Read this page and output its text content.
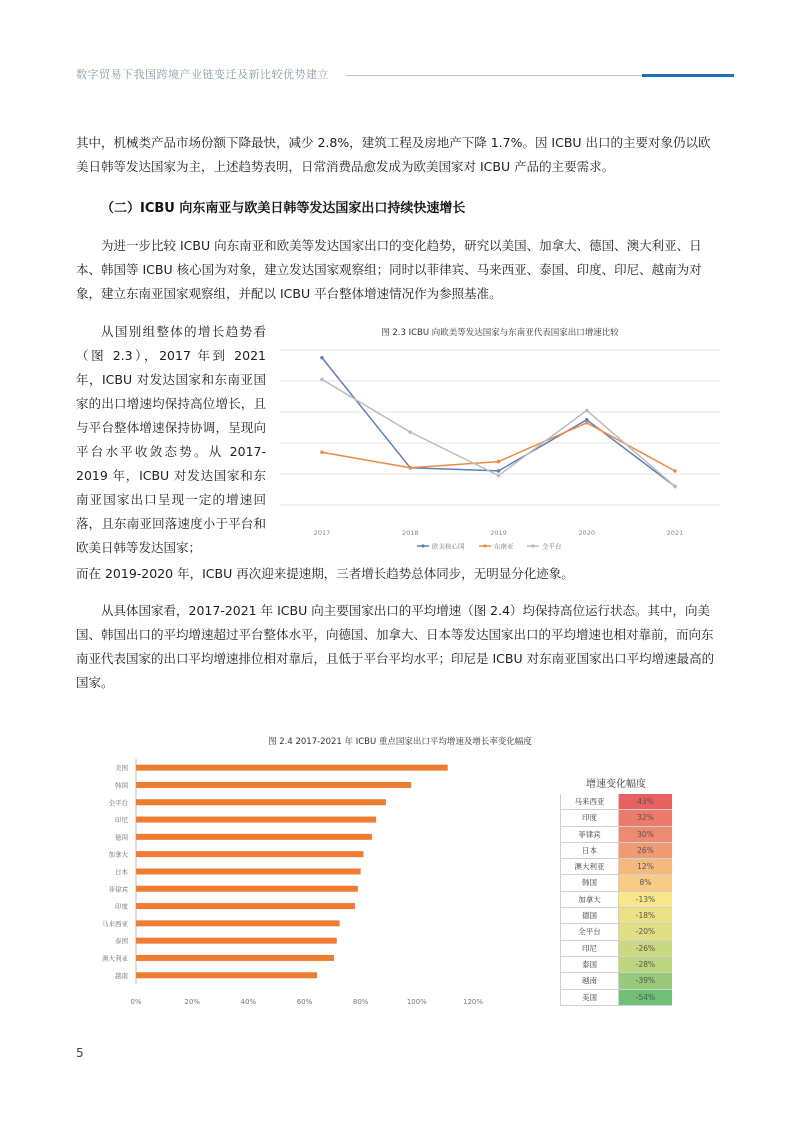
数字贸易下我国跨境产业链变迁及新比较优势建立

其中，机械类产品市场份额下降最快，减少 2.8%，建筑工程及房地产下降 1.7%。因 ICBU 出口的主要对象仍以欧美日韩等发达国家为主，上述趋势表明，日常消费品愈发成为欧美国家对 ICBU 产品的主要需求。

（二）ICBU 向东南亚与欧美日韩等发达国家出口持续快速增长

为进一步比较 ICBU 向东南亚和欧美等发达国家出口的变化趋势，研究以美国、加拿大、德国、澳大利亚、日本、韩国等 ICBU 核心国为对象，建立发达国家观察组；同时以菲律宾、马来西亚、泰国、印度、印尼、越南为对象，建立东南亚国家观察组，并配以 ICBU 平台整体增速情况作为参照基准。

从国别组整体的增长趋势看（图 2.3），2017 年到 2021 年，ICBU 对发达国家和东南亚国家的出口增速均保持高位增长，且与平台整体增速保持协调，呈现向平台水平收敛态势。从 2017-2019 年，ICBU 对发达国家和东南亚国家出口呈现一定的增速回落，且东南亚回落速度小于平台和欧美日韩等发达国家；

而在 2019-2020 年，ICBU 再次迎来提速期，三者增长趋势总体同步，无明显分化迹象。

从具体国家看，2017-2021 年 ICBU 向主要国家出口的平均增速（图 2.4）均保持高位运行状态。其中，向美国、韩国出口的平均增速超过平台整体水平，向德国、加拿大、日本等发达国家出口的平均增速也相对靠前，而向东南亚代表国家的出口平均增速排位相对靠后，且低于平台平均水平；印尼是 ICBU 对东南亚国家出口平均增速最高的国家。

图 2.3 ICBU 向欧美等发达国家与东南亚代表国家出口增速比较
2017	2018	2019	2020	2021
欧美核心国	东南亚	全平台
图 2.4 2017-2021 年 ICBU 重点国家出口平均增速及增长率变化幅度
美国
韩国
全平台
印尼
德国
加拿大
日本
菲律宾
印度
马来西亚
泰国
澳大利亚
越南
0%	20%	40%	60%	80%	100%	120%
增速变化幅度
马来西亚	43%
印度	32%
菲律宾	30%
日本	26%
澳大利亚	12%
韩国	8%
加拿大	-13%
德国	-18%
全平台	-20%
印尼	-26%
泰国	-28%
越南	-39%
美国	-54%
5
